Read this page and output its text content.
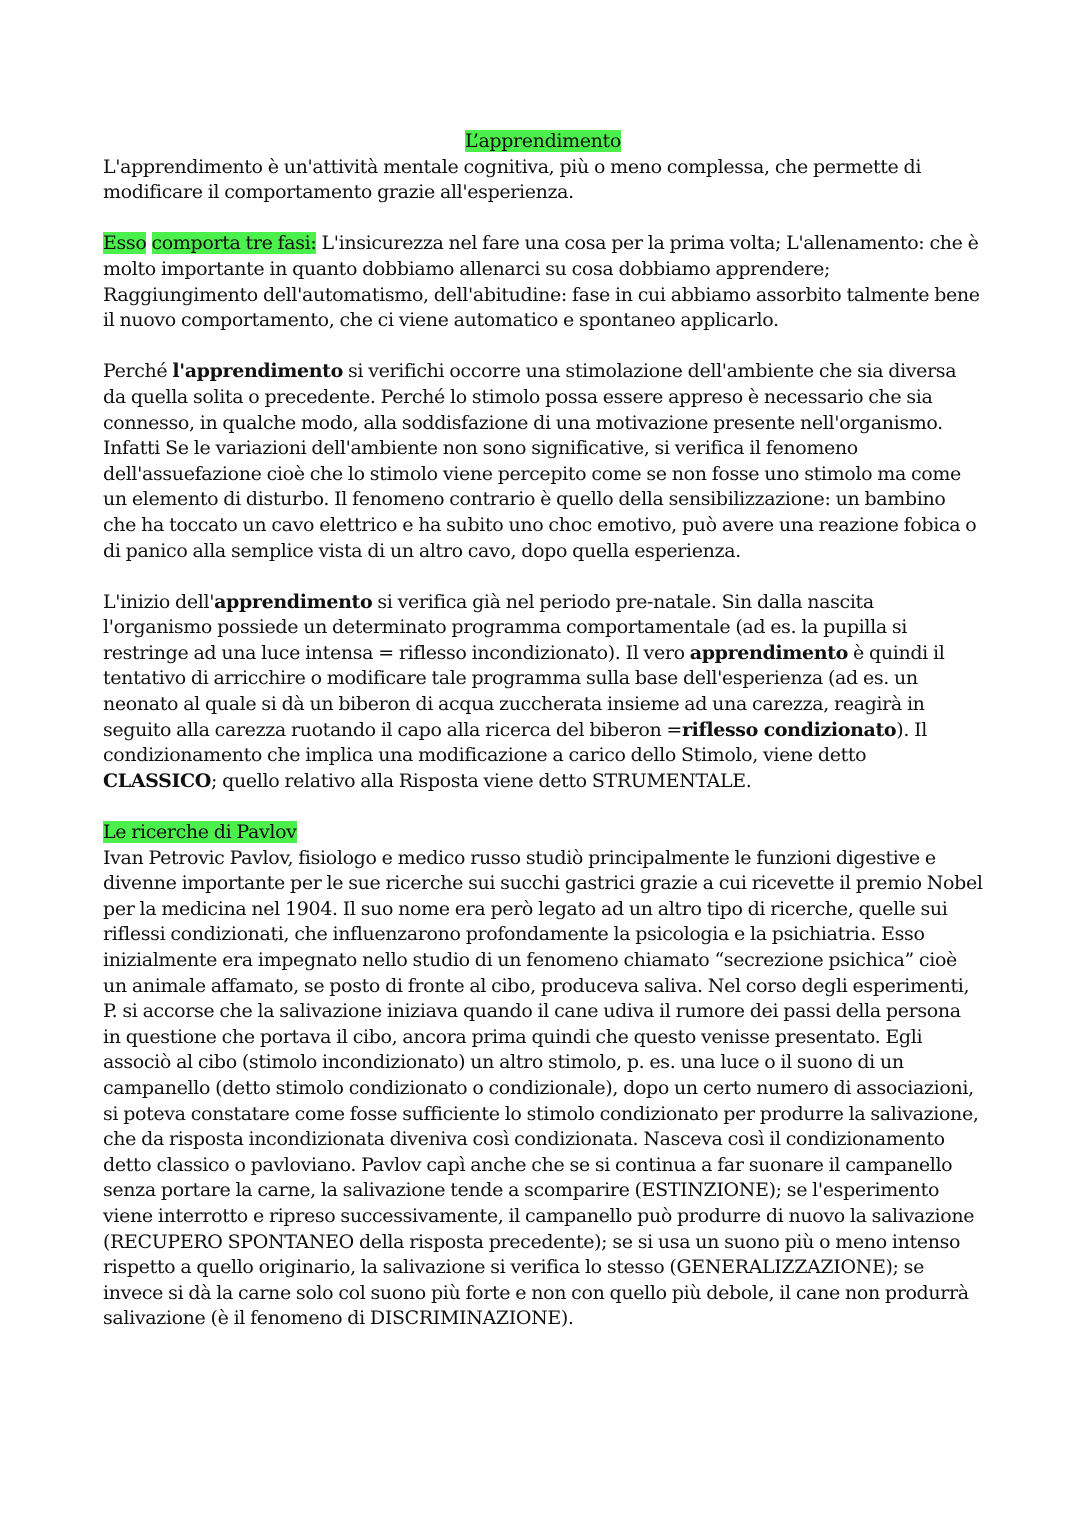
L’apprendimento

L'apprendimento è un'attività mentale cognitiva, più o meno complessa, che permette di modificare il comportamento grazie all'esperienza.

Esso comporta tre fasi: L'insicurezza nel fare una cosa per la prima volta; L'allenamento: che è molto importante in quanto dobbiamo allenarci su cosa dobbiamo apprendere; Raggiungimento dell'automatismo, dell'abitudine: fase in cui abbiamo assorbito talmente bene il nuovo comportamento, che ci viene automatico e spontaneo applicarlo.

Perché l'apprendimento si verifichi occorre una stimolazione dell'ambiente che sia diversa da quella solita o precedente. Perché lo stimolo possa essere appreso è necessario che sia connesso, in qualche modo, alla soddisfazione di una motivazione presente nell'organismo. Infatti Se le variazioni dell'ambiente non sono significative, si verifica il fenomeno dell'assuefazione cioè che lo stimolo viene percepito come se non fosse uno stimolo ma come un elemento di disturbo. Il fenomeno contrario è quello della sensibilizzazione: un bambino che ha toccato un cavo elettrico e ha subito uno choc emotivo, può avere una reazione fobica o di panico alla semplice vista di un altro cavo, dopo quella esperienza.

L'inizio dell'apprendimento si verifica già nel periodo pre-natale. Sin dalla nascita l'organismo possiede un determinato programma comportamentale (ad es. la pupilla si restringe ad una luce intensa = riflesso incondizionato). Il vero apprendimento è quindi il tentativo di arricchire o modificare tale programma sulla base dell'esperienza (ad es. un neonato al quale si dà un biberon di acqua zuccherata insieme ad una carezza, reagirà in seguito alla carezza ruotando il capo alla ricerca del biberon =riflesso condizionato). Il condizionamento che implica una modificazione a carico dello Stimolo, viene detto CLASSICO; quello relativo alla Risposta viene detto STRUMENTALE.

Le ricerche di Pavlov

Ivan Petrovic Pavlov, fisiologo e medico russo studiò principalmente le funzioni digestive e divenne importante per le sue ricerche sui succhi gastrici grazie a cui ricevette il premio Nobel per la medicina nel 1904. Il suo nome era però legato ad un altro tipo di ricerche, quelle sui riflessi condizionati, che influenzarono profondamente la psicologia e la psichiatria. Esso inizialmente era impegnato nello studio di un fenomeno chiamato “secrezione psichica” cioè un animale affamato, se posto di fronte al cibo, produceva saliva. Nel corso degli esperimenti, P. si accorse che la salivazione iniziava quando il cane udiva il rumore dei passi della persona in questione che portava il cibo, ancora prima quindi che questo venisse presentato. Egli associò al cibo (stimolo incondizionato) un altro stimolo, p. es. una luce o il suono di un campanello (detto stimolo condizionato o condizionale), dopo un certo numero di associazioni, si poteva constatare come fosse sufficiente lo stimolo condizionato per produrre la salivazione, che da risposta incondizionata diveniva così condizionata. Nasceva così il condizionamento detto classico o pavloviano. Pavlov capì anche che se si continua a far suonare il campanello senza portare la carne, la salivazione tende a scomparire (ESTINZIONE); se l'esperimento viene interrotto e ripreso successivamente, il campanello può produrre di nuovo la salivazione (RECUPERO SPONTANEO della risposta precedente); se si usa un suono più o meno intenso rispetto a quello originario, la salivazione si verifica lo stesso (GENERALIZZAZIONE); se invece si dà la carne solo col suono più forte e non con quello più debole, il cane non produrrà salivazione (è il fenomeno di DISCRIMINAZIONE).
